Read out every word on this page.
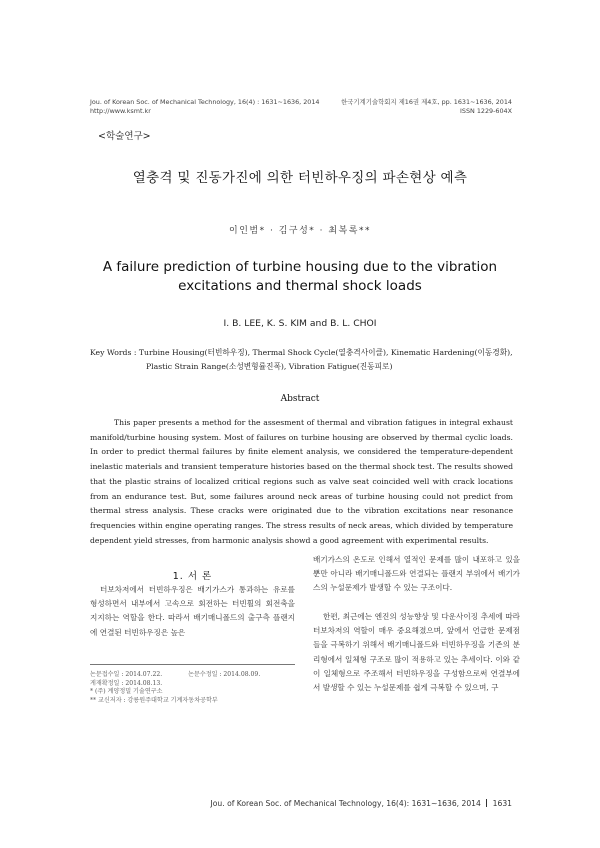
Jou. of Korean Soc. of Mechanical Technology, 16(4) : 1631~1636, 2014
http://www.ksmt.kr
한국기계기술학회지 제16권 제4호, pp. 1631~1636, 2014
ISSN 1229-604X
<학술연구>
열충격 및 진동가진에 의한 터빈하우징의 파손현상 예측
이인범* · 김구성* · 최복록**
A failure prediction of turbine housing due to the vibration
excitations and thermal shock loads
I. B. LEE, K. S. KIM and B. L. CHOI
Key Words : Turbine Housing(터빈하우징), Thermal Shock Cycle(열충격사이클), Kinematic Hardening(이동경화),
Plastic Strain Range(소성변형률진폭), Vibration Fatigue(진동피로)
Abstract
This paper presents a method for the assesment of thermal and vibration fatigues in integral exhaust manifold/turbine housing system. Most of failures on turbine housing are observed by thermal cyclic loads. In order to predict thermal failures by finite element analysis, we considered the temperature-dependent inelastic materials and transient temperature histories based on the thermal shock test. The results showed that the plastic strains of localized critical regions such as valve seat coincided well with crack locations from an endurance test. But, some failures around neck areas of turbine housing could not predict from thermal stress analysis. These cracks were originated due to the vibration excitations near resonance frequencies within engine operating ranges. The stress results of neck areas, which divided by temperature dependent yield stresses, from harmonic analysis showd a good agreement with experimental results.
1. 서 론
터보차저에서 터빈하우징은 배기가스가 통과하는 유로를 형성하면서 내부에서 고속으로 회전하는 터빈휠의 회전축을 지지하는 역할을 한다. 따라서 배기매니폴드의 출구측 플랜지에 연결된 터빈하우징은 높은
논문접수일 : 2014.07.22.	논문수정일 : 2014.08.09.
게재확정일 : 2014.08.13.
* (주) 계양정밀 기술연구소
** 교신저자 : 강릉원주대학교 기계자동차공학부
배기가스의 온도로 인해서 열적인 문제를 많이 내포하고 있을 뿐만 아니라 배기매니폴드와 연결되는 플랜지 부위에서 배기가스의 누설문제가 발생할 수 있는 구조이다.
한편, 최근에는 엔진의 성능향상 및 다운사이징 추세에 따라 터보차저의 역할이 매우 중요해졌으며, 앞에서 언급한 문제점들을 극복하기 위해서 배기매니폴드와 터빈하우징을 기존의 분리형에서 일체형 구조로 많이 적용하고 있는 추세이다. 이와 같이 일체형으로 주조해서 터빈하우징을 구성함으로써 연결부에서 발생할 수 있는 누설문제를 쉽게 극복할 수 있으며, 구
Jou. of Korean Soc. of Mechanical Technology, 16(4): 1631~1636, 2014 1631
